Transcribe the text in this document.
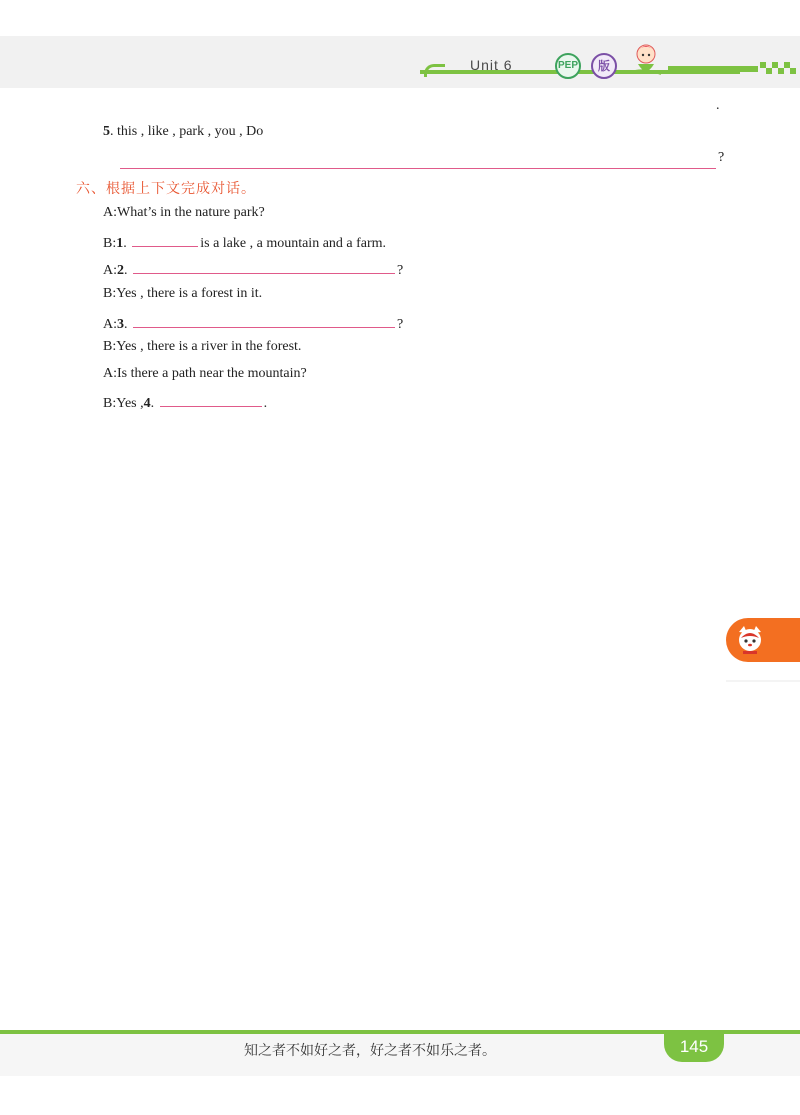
Unit 6	PEP	版
.
5. this , like , park , you , Do
?
六、根据上下文完成对话。
A:What’s in the nature park?
B:1.	is a lake , a mountain and a farm.
A:2.	?
B:Yes , there is a forest in it.
A:3.	?
B:Yes , there is a river in the forest.
A:Is there a path near the mountain?
B:Yes ,4.	.
知之者不如好之者，好之者不如乐之者。	145
